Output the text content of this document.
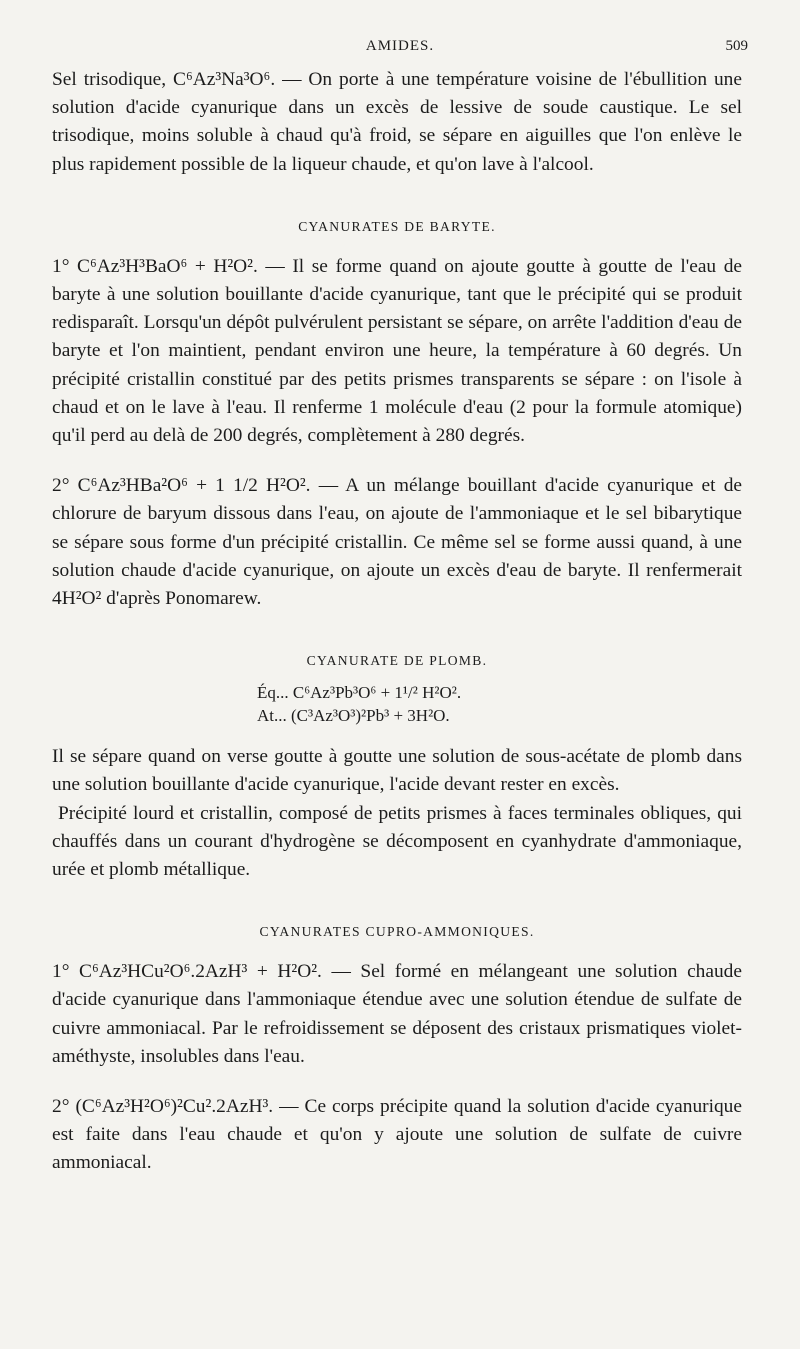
AMIDES.	509

Sel trisodique, C⁶Az³Na³O⁶. — On porte à une température voisine de l'ébullition une solution d'acide cyanurique dans un excès de lessive de soude caustique. Le sel trisodique, moins soluble à chaud qu'à froid, se sépare en aiguilles que l'on enlève le plus rapidement possible de la liqueur chaude, et qu'on lave à l'alcool.

CYANURATES DE BARYTE.

1° C⁶Az³H³BaO⁶ + H²O². — Il se forme quand on ajoute goutte à goutte de l'eau de baryte à une solution bouillante d'acide cyanurique, tant que le précipité qui se produit redisparaît. Lorsqu'un dépôt pulvérulent persistant se sépare, on arrête l'addition d'eau de baryte et l'on maintient, pendant environ une heure, la température à 60 degrés. Un précipité cristallin constitué par des petits prismes transparents se sépare : on l'isole à chaud et on le lave à l'eau. Il renferme 1 molécule d'eau (2 pour la formule atomique) qu'il perd au delà de 200 degrés, complètement à 280 degrés.

2° C⁶Az³HBa²O⁶ + 1 1/2 H²O². — A un mélange bouillant d'acide cyanurique et de chlorure de baryum dissous dans l'eau, on ajoute de l'ammoniaque et le sel bibarytique se sépare sous forme d'un précipité cristallin. Ce même sel se forme aussi quand, à une solution chaude d'acide cyanurique, on ajoute un excès d'eau de baryte. Il renfermerait 4H²O² d'après Ponomarew.

CYANURATE DE PLOMB.
Éq... C⁶Az³Pb³O⁶ + 1¹/² H²O².
At... (C³Az³O³)²Pb³ + 3H²O.

Il se sépare quand on verse goutte à goutte une solution de sous-acétate de plomb dans une solution bouillante d'acide cyanurique, l'acide devant rester en excès.

Précipité lourd et cristallin, composé de petits prismes à faces terminales obliques, qui chauffés dans un courant d'hydrogène se décomposent en cyanhydrate d'ammoniaque, urée et plomb métallique.

CYANURATES CUPRO-AMMONIQUES.

1° C⁶Az³HCu²O⁶.2AzH³ + H²O². — Sel formé en mélangeant une solution chaude d'acide cyanurique dans l'ammoniaque étendue avec une solution étendue de sulfate de cuivre ammoniacal. Par le refroidissement se déposent des cristaux prismatiques violet-améthyste, insolubles dans l'eau.

2° (C⁶Az³H²O⁶)²Cu².2AzH³. — Ce corps précipite quand la solution d'acide cyanurique est faite dans l'eau chaude et qu'on y ajoute une solution de sulfate de cuivre ammoniacal.
